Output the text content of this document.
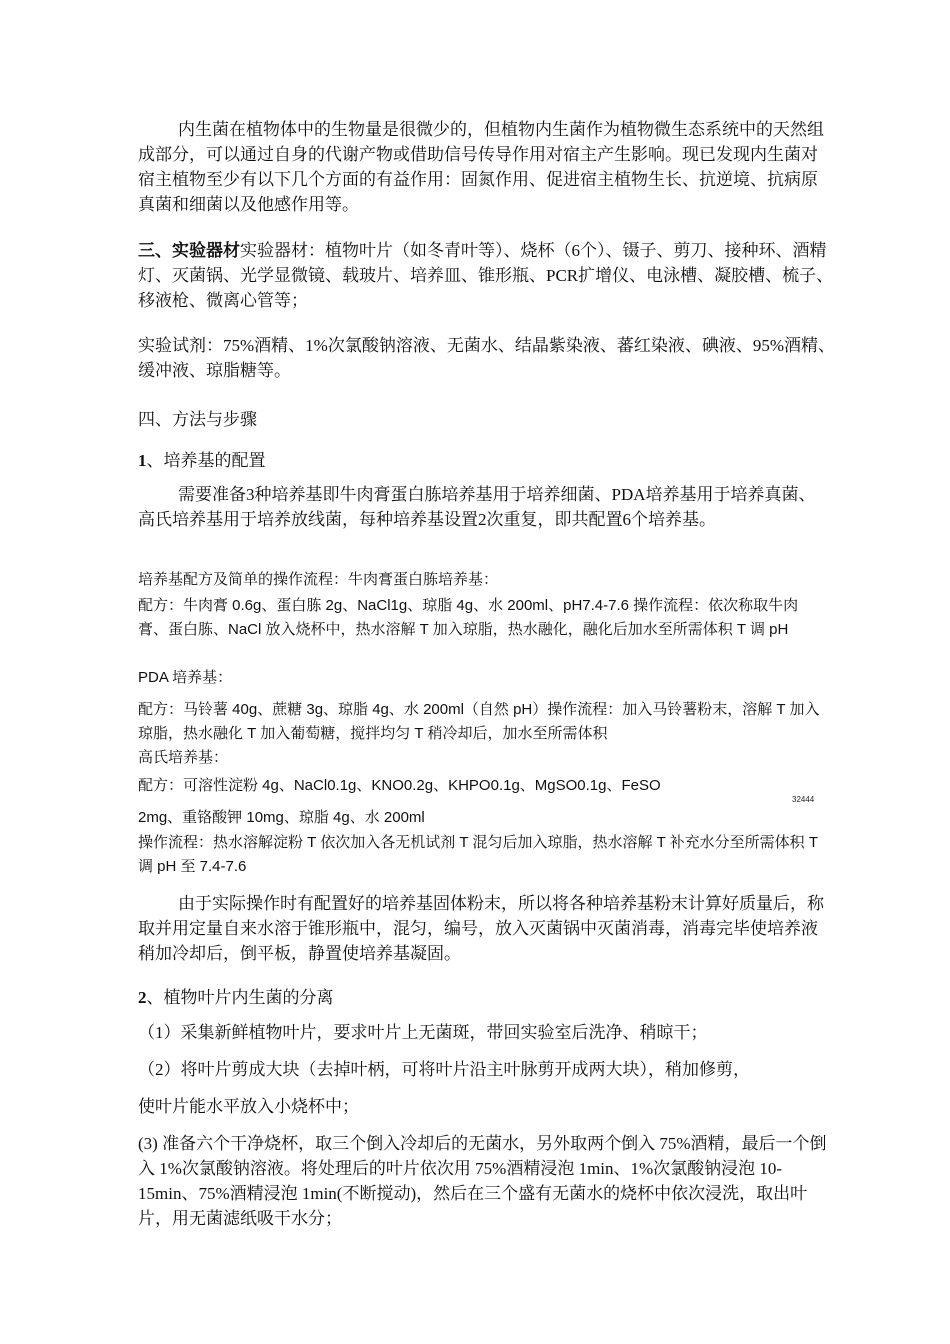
内生菌在植物体中的生物量是很微少的，但植物内生菌作为植物微生态系统中的天然组成部分，可以通过自身的代谢产物或借助信号传导作用对宿主产生影响。现已发现内生菌对宿主植物至少有以下几个方面的有益作用：固氮作用、促进宿主植物生长、抗逆境、抗病原真菌和细菌以及他感作用等。

三、实验器材实验器材：植物叶片（如冬青叶等）、烧杯（6个）、镊子、剪刀、接种环、酒精灯、灭菌锅、光学显微镜、载玻片、培养皿、锥形瓶、PCR扩增仪、电泳槽、凝胶槽、梳子、移液枪、微离心管等；

实验试剂：75%酒精、1%次氯酸钠溶液、无菌水、结晶紫染液、蕃红染液、碘液、95%酒精、缓冲液、琼脂糖等。

四、方法与步骤

1、培养基的配置

需要准备3种培养基即牛肉膏蛋白胨培养基用于培养细菌、PDA培养基用于培养真菌、高氏培养基用于培养放线菌，每种培养基设置2次重复，即共配置6个培养基。

培养基配方及简单的操作流程：牛肉膏蛋白胨培养基：

配方：牛肉膏 0.6g、蛋白胨 2g、NaCl1g、琼脂 4g、水 200ml、pH7.4-7.6 操作流程：依次称取牛肉膏、蛋白胨、NaCl 放入烧杯中，热水溶解 T 加入琼脂，热水融化，融化后加水至所需体积 T 调 pH

PDA 培养基：

配方：马铃薯 40g、蔗糖 3g、琼脂 4g、水 200ml（自然 pH）操作流程：加入马铃薯粉末，溶解 T 加入琼脂，热水融化 T 加入葡萄糖，搅拌均匀 T 稍冷却后，加水至所需体积

高氏培养基：

配方：可溶性淀粉 4g、NaCl0.1g、KNO0.2g、KHPO0.1g、MgSO0.1g、FeSO

32444

2mg、重铬酸钾 10mg、琼脂 4g、水 200ml

操作流程：热水溶解淀粉 T 依次加入各无机试剂 T 混匀后加入琼脂，热水溶解 T 补充水分至所需体积 T 调 pH 至 7.4-7.6

由于实际操作时有配置好的培养基固体粉末，所以将各种培养基粉末计算好质量后，称取并用定量自来水溶于锥形瓶中，混匀，编号，放入灭菌锅中灭菌消毒，消毒完毕使培养液稍加冷却后，倒平板，静置使培养基凝固。

2、植物叶片内生菌的分离

（1）采集新鲜植物叶片，要求叶片上无菌斑，带回实验室后洗净、稍晾干；

（2）将叶片剪成大块（去掉叶柄，可将叶片沿主叶脉剪开成两大块），稍加修剪，

使叶片能水平放入小烧杯中；

(3) 准备六个干净烧杯，取三个倒入冷却后的无菌水，另外取两个倒入 75%酒精，最后一个倒入 1%次氯酸钠溶液。将处理后的叶片依次用 75%酒精浸泡 1min、1%次氯酸钠浸泡 10-15min、75%酒精浸泡 1min(不断搅动)，然后在三个盛有无菌水的烧杯中依次浸洗，取出叶片，用无菌滤纸吸干水分；
